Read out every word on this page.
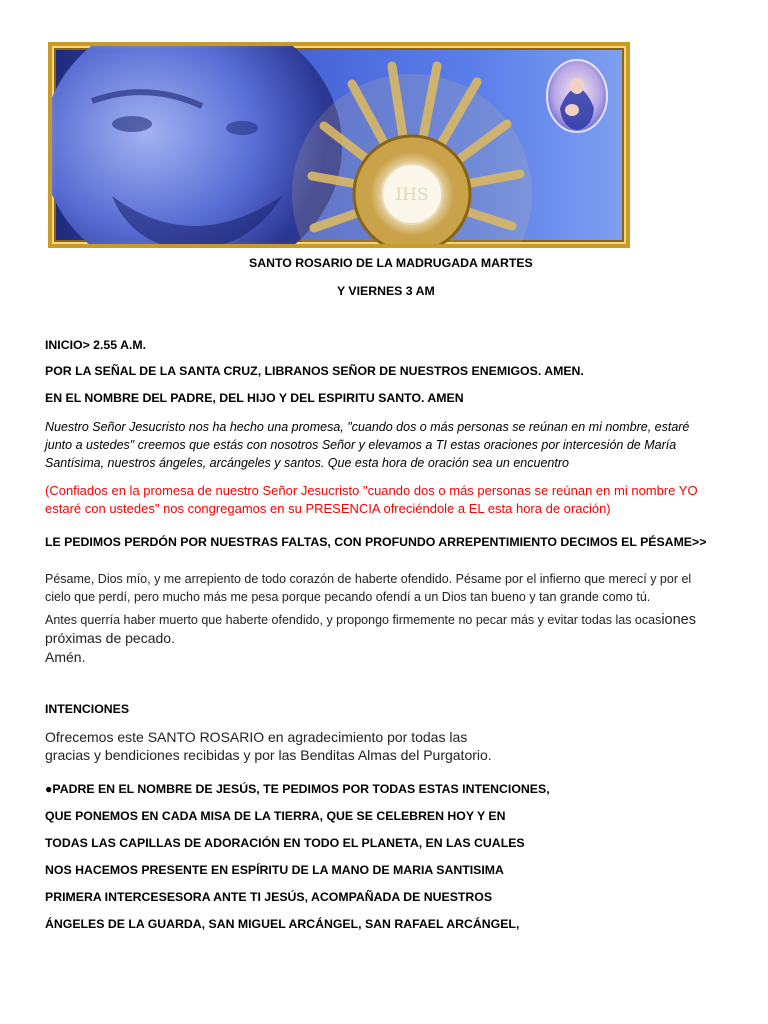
IHS

SANTO ROSARIO DE LA MADRUGADA MARTES

Y VIERNES 3 AM

INICIO> 2.55 A.M.

POR LA SEÑAL DE LA SANTA CRUZ, LIBRANOS SEÑOR DE NUESTROS ENEMIGOS. AMEN.

EN EL NOMBRE DEL PADRE, DEL HIJO Y DEL ESPIRITU SANTO. AMEN

Nuestro Señor Jesucristo nos ha hecho una promesa, "cuando dos o más personas se reúnan en mi nombre, estaré

junto a ustedes" creemos que estás con nosotros Señor y elevamos a TI estas oraciones por intercesión de María

Santísima, nuestros ángeles, arcángeles y santos. Que esta hora de oración sea un encuentro

(Confiados en la promesa de nuestro Señor Jesucristo "cuando dos o más personas se reúnan en mi nombre YO

estaré con ustedes" nos congregamos en su PRESENCIA ofreciéndole a EL esta hora de oración)

LE PEDIMOS PERDÓN POR NUESTRAS FALTAS, CON PROFUNDO ARREPENTIMIENTO DECIMOS EL PÉSAME>>

Pésame, Dios mío, y me arrepiento de todo corazón de haberte ofendido. Pésame por el infierno que merecí y por el

cielo que perdí, pero mucho más me pesa porque pecando ofendí a un Dios tan bueno y tan grande como tú.

Antes querría haber muerto que haberte ofendido, y propongo firmemente no pecar más y evitar todas las ocasiones

próximas de pecado.

Amén.

INTENCIONES

Ofrecemos este SANTO ROSARIO en agradecimiento por todas las

gracias y bendiciones recibidas y por las Benditas Almas del Purgatorio.

●PADRE EN EL NOMBRE DE JESÚS, TE PEDIMOS POR TODAS ESTAS INTENCIONES,

QUE PONEMOS EN CADA MISA DE LA TIERRA, QUE SE CELEBREN HOY Y EN

TODAS LAS CAPILLAS DE ADORACIÓN EN TODO EL PLANETA, EN LAS CUALES

NOS HACEMOS PRESENTE EN ESPÍRITU DE LA MANO DE MARIA SANTISIMA

PRIMERA INTERCESESORA ANTE TI JESÚS, ACOMPAÑADA DE NUESTROS

ÁNGELES DE LA GUARDA, SAN MIGUEL ARCÁNGEL, SAN RAFAEL ARCÁNGEL,
